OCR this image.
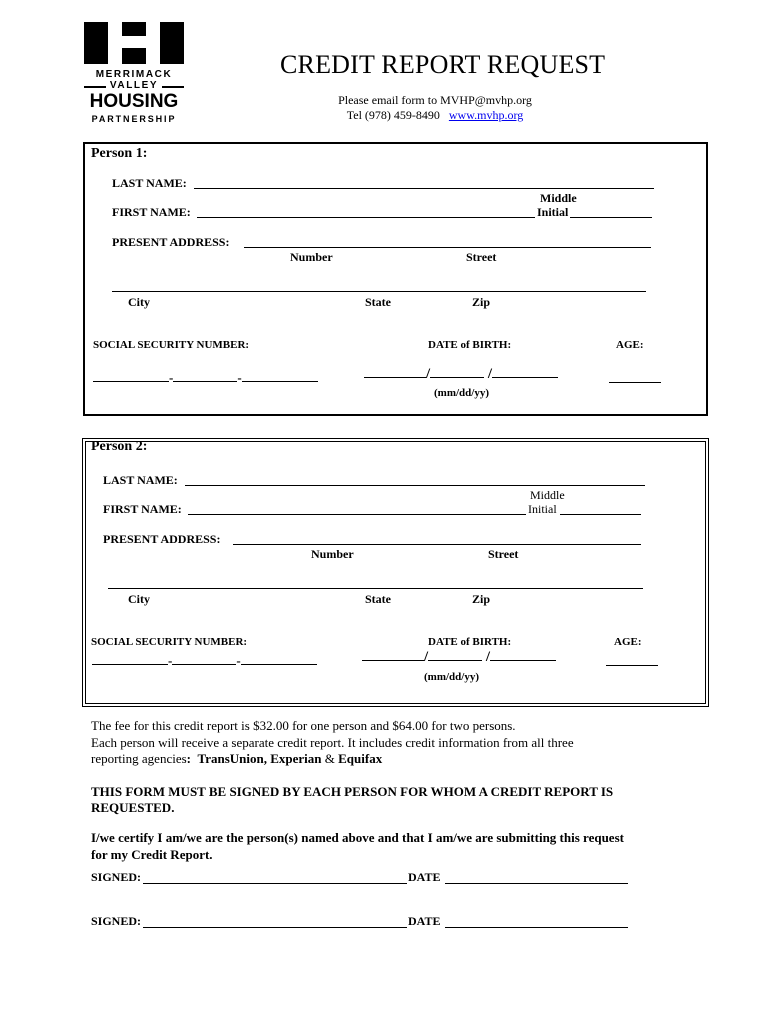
MERRIMACK
VALLEY
HOUSING
PARTNERSHIP
CREDIT REPORT REQUEST
Please email form to MVHP@mvhp.org
Tel (978) 459-8490 www.mvhp.org
Person 1:
LAST NAME:
Middle
FIRST NAME:	Initial
PRESENT ADDRESS:
Number	Street
City	State	Zip
SOCIAL SECURITY NUMBER:	DATE of BIRTH:	AGE:
-	-	/	/
(mm/dd/yy)
Person 2:
LAST NAME:
Middle
FIRST NAME:	Initial
PRESENT ADDRESS:
Number	Street
City	State	Zip
SOCIAL SECURITY NUMBER:	DATE of BIRTH:	AGE:
-	-	/	/
(mm/dd/yy)
The fee for this credit report is $32.00 for one person and $64.00 for two persons.
Each person will receive a separate credit report. It includes credit information from all three
reporting agencies: TransUnion, Experian & Equifax
THIS FORM MUST BE SIGNED BY EACH PERSON FOR WHOM A CREDIT REPORT IS
REQUESTED.
I/we certify I am/we are the person(s) named above and that I am/we are submitting this request
for my Credit Report.
SIGNED:	DATE
SIGNED:	DATE
